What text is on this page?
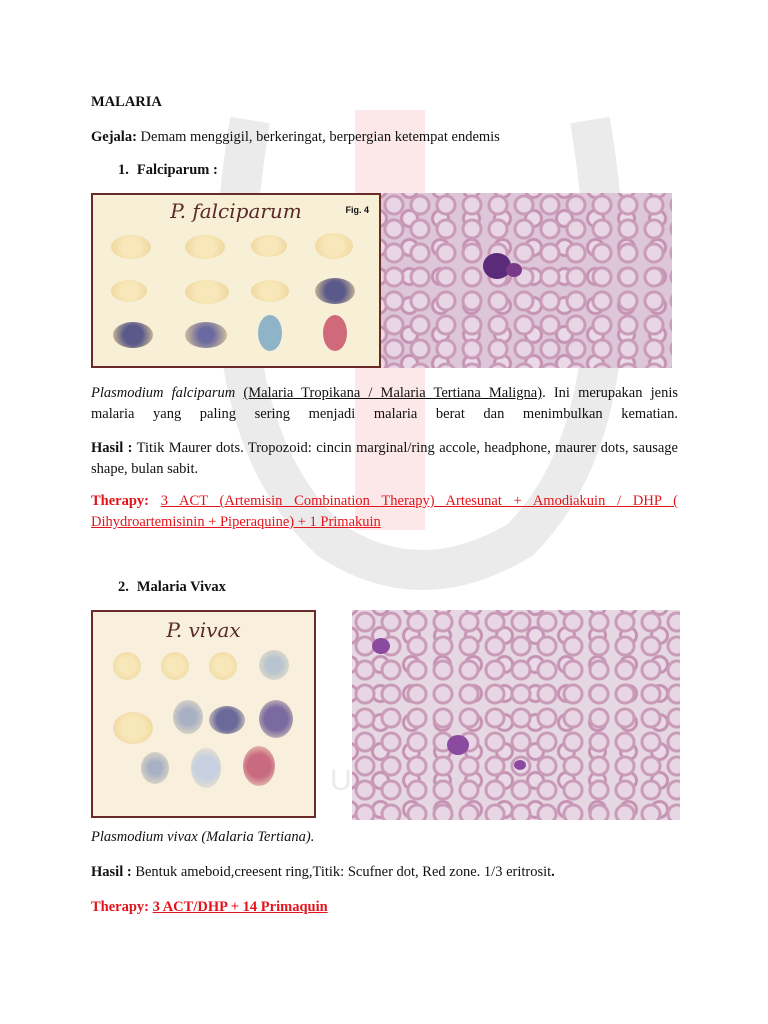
US
MALARIA
Gejala: Demam menggigil, berkeringat, berpergian ketempat endemis
1. Falciparum :
P. falciparum	Fig. 4
Plasmodium falciparum (Malaria Tropikana / Malaria Tertiana Maligna). Ini merupakan jenis malaria yang paling sering menjadi malaria berat dan menimbulkan kematian.
Hasil : Titik Maurer dots. Tropozoid: cincin marginal/ring accole, headphone, maurer dots, sausage shape, bulan sabit.
Therapy: 3 ACT (Artemisin Combination Therapy) Artesunat + Amodiakuin / DHP (
Dihydroartemisinin + Piperaquine) + 1 Primakuin
2. Malaria Vivax
P. vivax
Plasmodium vivax (Malaria Tertiana).
Hasil : Bentuk ameboid,creesent ring,Titik: Scufner dot, Red zone. 1/3 eritrosit.
Therapy: 3 ACT/DHP + 14 Primaquin
